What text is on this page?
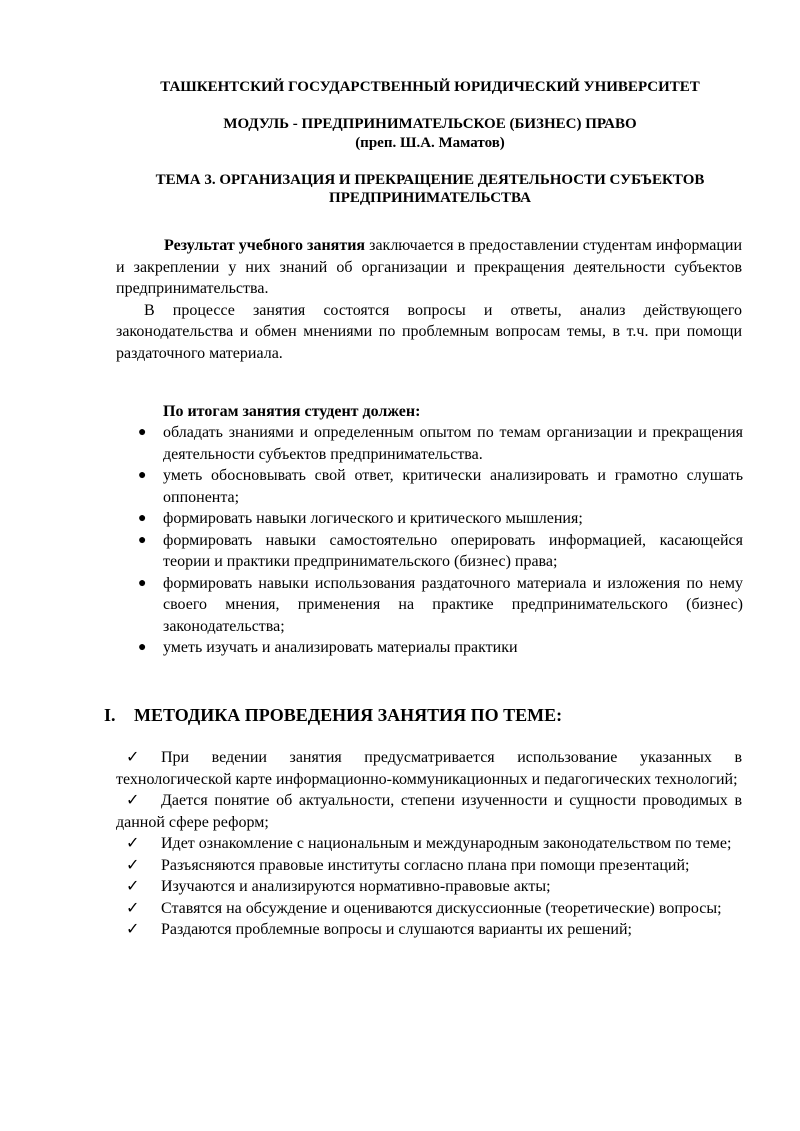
ТАШКЕНТСКИЙ ГОСУДАРСТВЕННЫЙ ЮРИДИЧЕСКИЙ УНИВЕРСИТЕТ
МОДУЛЬ - ПРЕДПРИНИМАТЕЛЬСКОЕ (БИЗНЕС) ПРАВО
(преп. Ш.А. Маматов)
ТЕМА 3. ОРГАНИЗАЦИЯ И ПРЕКРАЩЕНИЕ ДЕЯТЕЛЬНОСТИ СУБЪЕКТОВ
ПРЕДПРИНИМАТЕЛЬСТВА

Результат учебного занятия заключается в предоставлении студентам информации и закреплении у них знаний об организации и прекращения деятельности субъектов предпринимательства.

В процессе занятия состоятся вопросы и ответы, анализ действующего законодательства и обмен мнениями по проблемным вопросам темы, в т.ч. при помощи раздаточного материала.

По итогам занятия студент должен:
● обладать знаниями и определенным опытом по темам организации и прекращения деятельности субъектов предпринимательства.
● уметь обосновывать свой ответ, критически анализировать и грамотно слушать оппонента;
● формировать навыки логического и критического мышления;
● формировать навыки самостоятельно оперировать информацией, касающейся теории и практики предпринимательского (бизнес) права;
● формировать навыки использования раздаточного материала и изложения по нему своего мнения, применения на практике предпринимательского (бизнес) законодательства;
● уметь изучать и анализировать материалы практики
I. МЕТОДИКА ПРОВЕДЕНИЯ ЗАНЯТИЯ ПО ТЕМЕ:

✓ При ведении занятия предусматривается использование указанных в технологической карте информационно-коммуникационных и педагогических технологий;

✓ Дается понятие об актуальности, степени изученности и сущности проводимых в данной сфере реформ;

✓ Идет ознакомление с национальным и международным законодательством по теме;

✓ Разъясняются правовые институты согласно плана при помощи презентаций;

✓ Изучаются и анализируются нормативно-правовые акты;

✓ Ставятся на обсуждение и оцениваются дискуссионные (теоретические) вопросы;

✓ Раздаются проблемные вопросы и слушаются варианты их решений;
